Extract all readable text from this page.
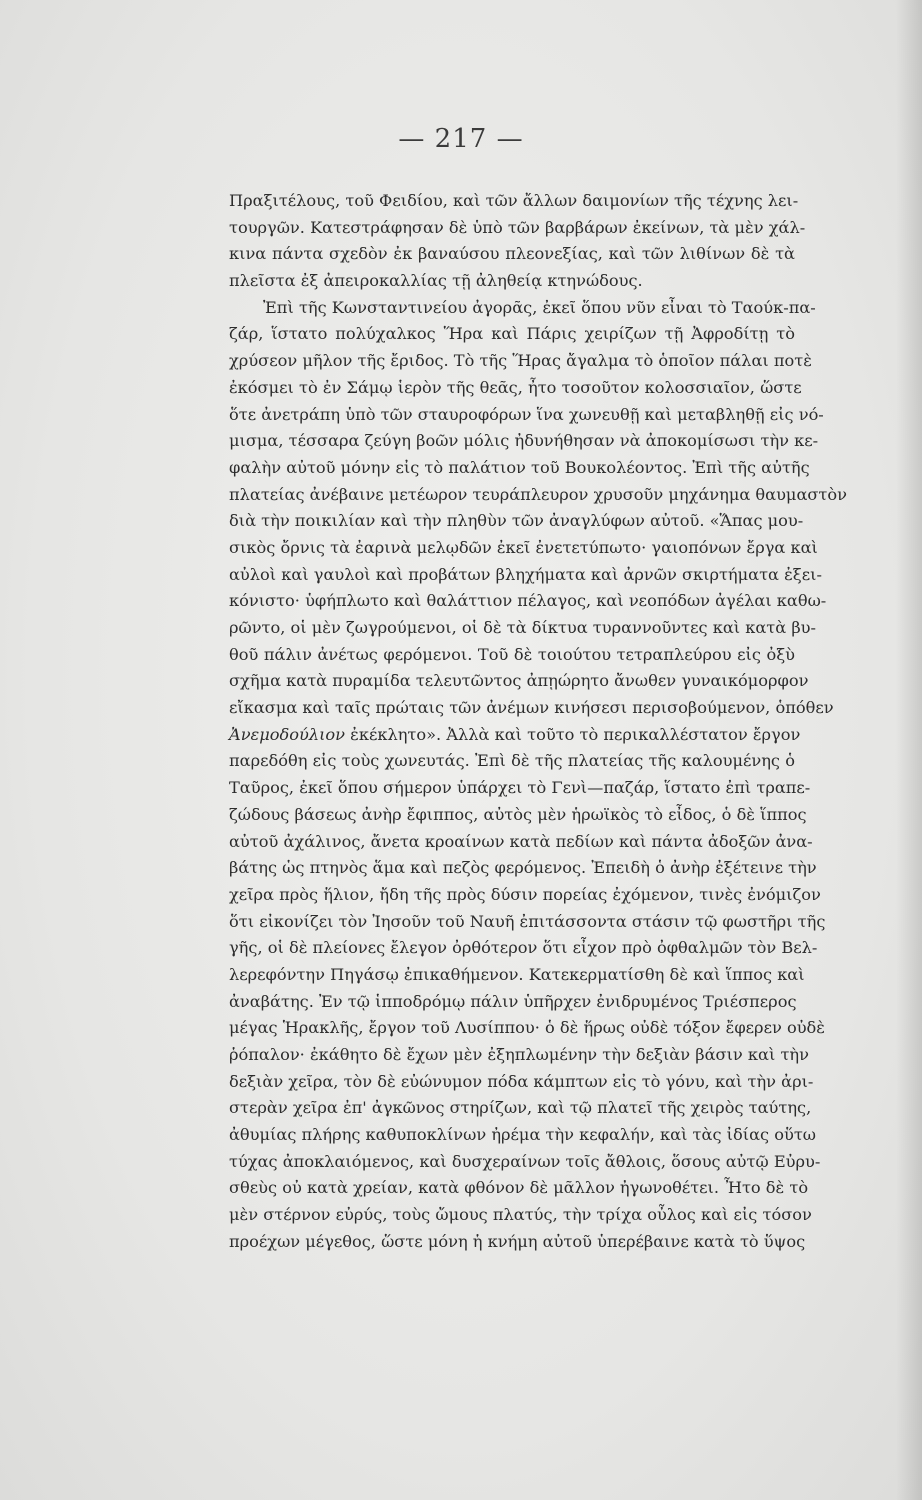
— 217 —
Πραξιτέλους, τοῦ Φειδίου, καὶ τῶν ἄλλων δαιμονίων τῆς τέχνης λει-
τουργῶν. Κατεστράφησαν δὲ ὑπὸ τῶν βαρβάρων ἐκείνων, τὰ μὲν χάλ-
κινα πάντα σχεδὸν ἐκ βαναύσου πλεονεξίας, καὶ τῶν λιθίνων δὲ τὰ
πλεῖστα ἐξ ἀπειροκαλλίας τῇ ἀληθείᾳ κτηνώδους.
Ἐπὶ τῆς Κωνσταντινείου ἀγορᾶς, ἐκεῖ ὅπου νῦν εἶναι τὸ Ταούκ-πα-
ζάρ, ἵστατο πολύχαλκος Ἥρα καὶ Πάρις χειρίζων τῇ Ἀφροδίτῃ τὸ
χρύσεον μῆλον τῆς ἔριδος. Τὸ τῆς Ἥρας ἄγαλμα τὸ ὁποῖον πάλαι ποτὲ
ἐκόσμει τὸ ἐν Σάμῳ ἱερὸν τῆς θεᾶς, ἦτο τοσοῦτον κολοσσιαῖον, ὥστε
ὅτε ἀνετράπη ὑπὸ τῶν σταυροφόρων ἵνα χωνευθῇ καὶ μεταβληθῇ εἰς νό-
μισμα, τέσσαρα ζεύγη βοῶν μόλις ἠδυνήθησαν νὰ ἀποκομίσωσι τὴν κε-
φαλὴν αὐτοῦ μόνην εἰς τὸ παλάτιον τοῦ Βουκολέοντος. Ἐπὶ τῆς αὐτῆς
πλατείας ἀνέβαινε μετέωρον τευράπλευρον χρυσοῦν μηχάνημα θαυμαστὸν
διὰ τὴν ποικιλίαν καὶ τὴν πληθὺν τῶν ἀναγλύφων αὐτοῦ. «Ἅπας μου-
σικὸς ὄρνις τὰ ἐαρινὰ μελῳδῶν ἐκεῖ ἐνετετύπωτο· γαιοπόνων ἔργα καὶ
αὐλοὶ καὶ γαυλοὶ καὶ προβάτων βληχήματα καὶ ἀρνῶν σκιρτήματα ἐξει-
κόνιστο· ὑφήπλωτο καὶ θαλάττιον πέλαγος, καὶ νεοπόδων ἀγέλαι καθω-
ρῶντο, οἱ μὲν ζωγρούμενοι, οἱ δὲ τὰ δίκτυα τυραννοῦντες καὶ κατὰ βυ-
θοῦ πάλιν ἀνέτως φερόμενοι. Τοῦ δὲ τοιούτου τετραπλεύρου εἰς ὀξὺ
σχῆμα κατὰ πυραμίδα τελευτῶντος ἀπῃώρητο ἄνωθεν γυναικόμορφον
εἴκασμα καὶ ταῖς πρώταις τῶν ἀνέμων κινήσεσι περισοβούμενον, ὁπόθεν
Ἀνεμοδούλιον ἐκέκλητο». Ἀλλὰ καὶ τοῦτο τὸ περικαλλέστατον ἔργον
παρεδόθη εἰς τοὺς χωνευτάς. Ἐπὶ δὲ τῆς πλατείας τῆς καλουμένης ὁ
Ταῦρος, ἐκεῖ ὅπου σήμερον ὑπάρχει τὸ Γενὶ—παζάρ, ἵστατο ἐπὶ τραπε-
ζώδους βάσεως ἀνὴρ ἔφιππος, αὐτὸς μὲν ἡρωϊκὸς τὸ εἶδος, ὁ δὲ ἵππος
αὐτοῦ ἀχάλινος, ἄνετα κροαίνων κατὰ πεδίων καὶ πάντα ἀδοξῶν ἀνα-
βάτης ὡς πτηνὸς ἅμα καὶ πεζὸς φερόμενος. Ἐπειδὴ ὁ ἀνὴρ ἐξέτεινε τὴν
χεῖρα πρὸς ἥλιον, ἤδη τῆς πρὸς δύσιν πορείας ἐχόμενον, τινὲς ἐνόμιζον
ὅτι εἰκονίζει τὸν Ἰησοῦν τοῦ Ναυῆ ἐπιτάσσοντα στάσιν τῷ φωστῆρι τῆς
γῆς, οἱ δὲ πλείονες ἔλεγον ὀρθότερον ὅτι εἶχον πρὸ ὀφθαλμῶν τὸν Βελ-
λερεφόντην Πηγάσῳ ἐπικαθήμενον. Κατεκερματίσθη δὲ καὶ ἵππος καὶ
ἀναβάτης. Ἐν τῷ ἱπποδρόμῳ πάλιν ὑπῆρχεν ἐνιδρυμένος Τριέσπερος
μέγας Ἡρακλῆς, ἔργον τοῦ Λυσίππου· ὁ δὲ ἥρως οὐδὲ τόξον ἔφερεν οὐδὲ
ῥόπαλον· ἐκάθητο δὲ ἔχων μὲν ἐξηπλωμένην τὴν δεξιὰν βάσιν καὶ τὴν
δεξιὰν χεῖρα, τὸν δὲ εὐώνυμον πόδα κάμπτων εἰς τὸ γόνυ, καὶ τὴν ἀρι-
στερὰν χεῖρα ἐπ' ἀγκῶνος στηρίζων, καὶ τῷ πλατεῖ τῆς χειρὸς ταύτης,
ἀθυμίας πλήρης καθυποκλίνων ἠρέμα τὴν κεφαλήν, καὶ τὰς ἰδίας οὕτω
τύχας ἀποκλαιόμενος, καὶ δυσχεραίνων τοῖς ἄθλοις, ὅσους αὐτῷ Εὐρυ-
σθεὺς οὐ κατὰ χρείαν, κατὰ φθόνον δὲ μᾶλλον ἠγωνοθέτει. Ἦτο δὲ τὸ
μὲν στέρνον εὐρύς, τοὺς ὤμους πλατύς, τὴν τρίχα οὖλος καὶ εἰς τόσον
προέχων μέγεθος, ὥστε μόνη ἡ κνήμη αὐτοῦ ὑπερέβαινε κατὰ τὸ ὕψος
